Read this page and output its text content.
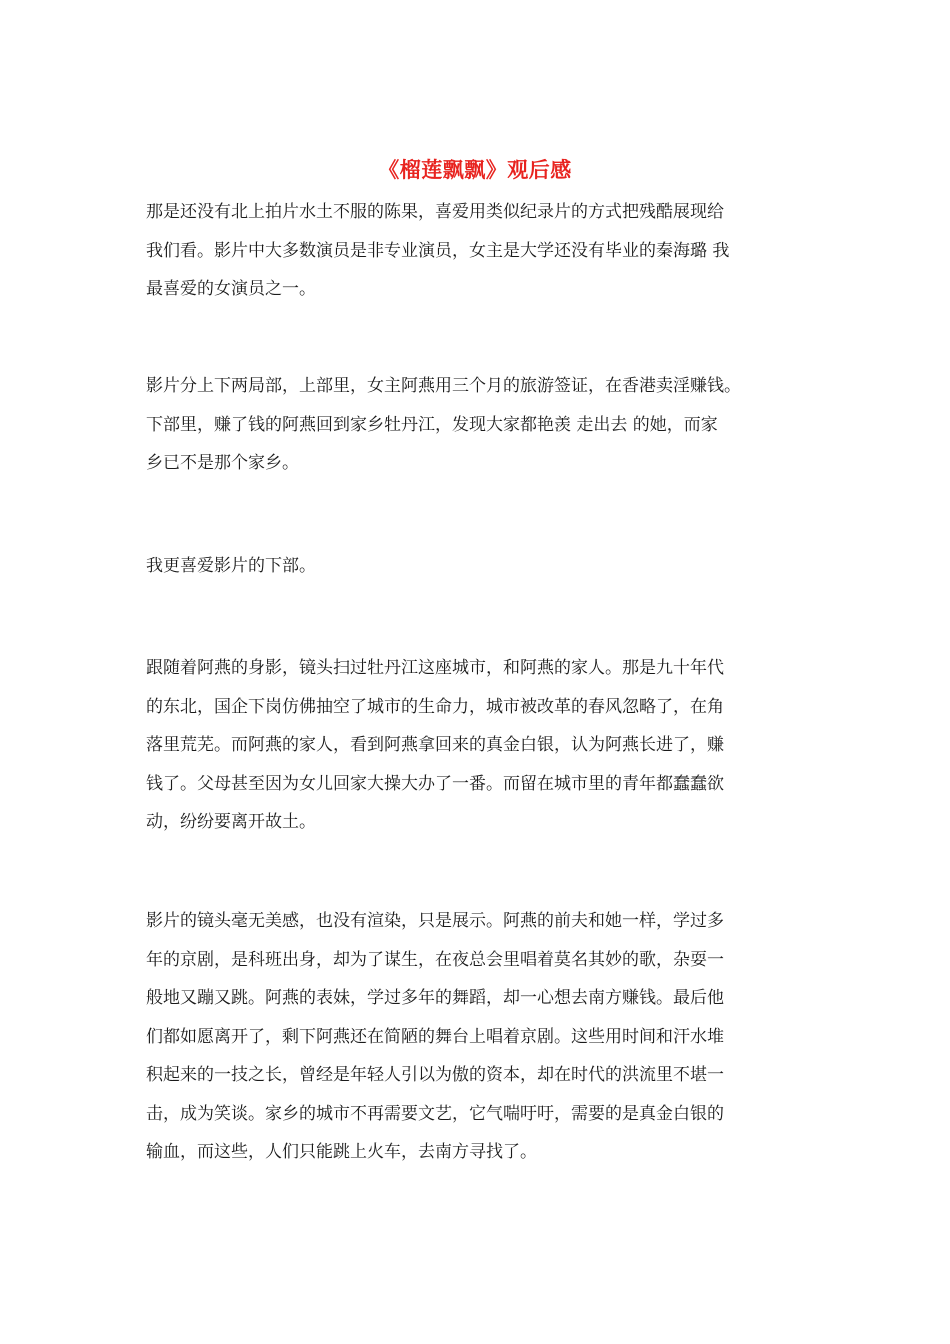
《榴莲飘飘》观后感
那是还没有北上拍片水土不服的陈果，喜爱用类似纪录片的方式把残酷展现给
我们看。影片中大多数演员是非专业演员，女主是大学还没有毕业的秦海璐 我
最喜爱的女演员之一。
影片分上下两局部，上部里，女主阿燕用三个月的旅游签证，在香港卖淫赚钱。
下部里，赚了钱的阿燕回到家乡牡丹江，发现大家都艳羡 走出去 的她，而家
乡已不是那个家乡。
我更喜爱影片的下部。
跟随着阿燕的身影，镜头扫过牡丹江这座城市，和阿燕的家人。那是九十年代
的东北，国企下岗仿佛抽空了城市的生命力，城市被改革的春风忽略了，在角
落里荒芜。而阿燕的家人，看到阿燕拿回来的真金白银，认为阿燕长进了，赚
钱了。父母甚至因为女儿回家大操大办了一番。而留在城市里的青年都蠢蠢欲
动，纷纷要离开故土。
影片的镜头毫无美感，也没有渲染，只是展示。阿燕的前夫和她一样，学过多
年的京剧，是科班出身，却为了谋生，在夜总会里唱着莫名其妙的歌，杂耍一
般地又蹦又跳。阿燕的表妹，学过多年的舞蹈，却一心想去南方赚钱。最后他
们都如愿离开了，剩下阿燕还在简陋的舞台上唱着京剧。这些用时间和汗水堆
积起来的一技之长，曾经是年轻人引以为傲的资本，却在时代的洪流里不堪一
击，成为笑谈。家乡的城市不再需要文艺，它气喘吁吁，需要的是真金白银的
输血，而这些，人们只能跳上火车，去南方寻找了。
